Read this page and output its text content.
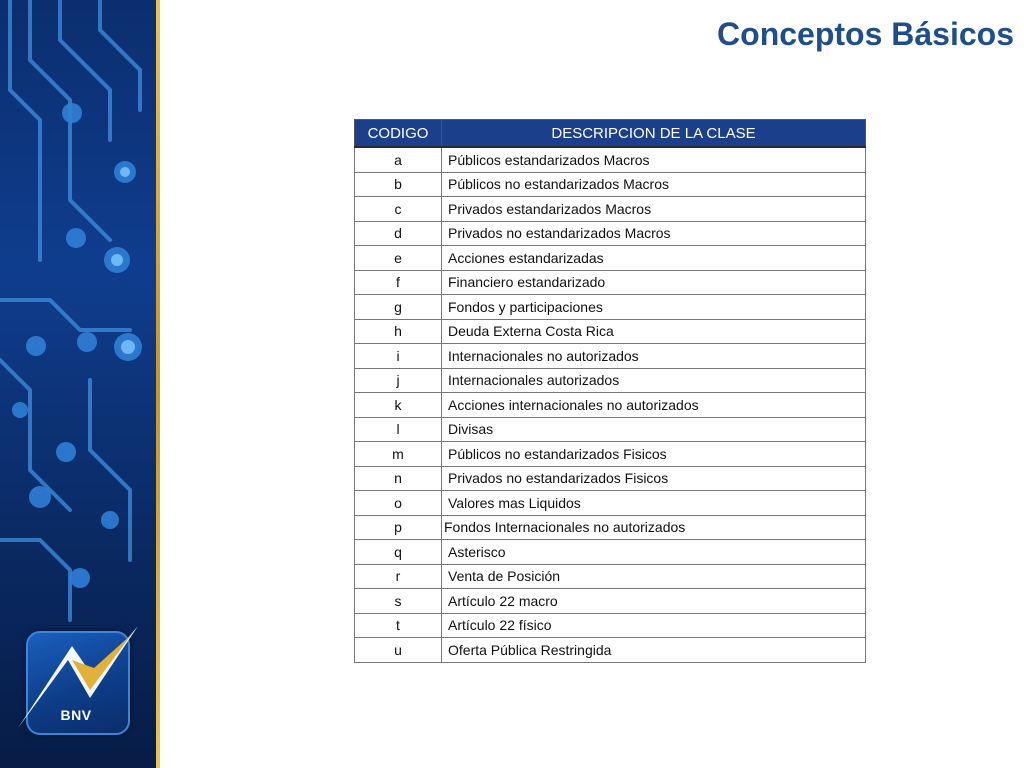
BNV
Conceptos Básicos
CODIGO	DESCRIPCION DE LA CLASE
a	Públicos estandarizados Macros
b	Públicos no estandarizados Macros
c	Privados estandarizados Macros
d	Privados no estandarizados Macros
e	Acciones estandarizadas
f	Financiero estandarizado
g	Fondos y participaciones
h	Deuda Externa Costa Rica
i	Internacionales no autorizados
j	Internacionales autorizados
k	Acciones internacionales no autorizados
l	Divisas
m	Públicos no estandarizados Fisicos
n	Privados no estandarizados Fisicos
o	Valores mas Liquidos
p	Fondos Internacionales no autorizados
q	Asterisco
r	Venta de Posición
s	Artículo 22 macro
t	Artículo 22 físico
u	Oferta Pública Restringida
